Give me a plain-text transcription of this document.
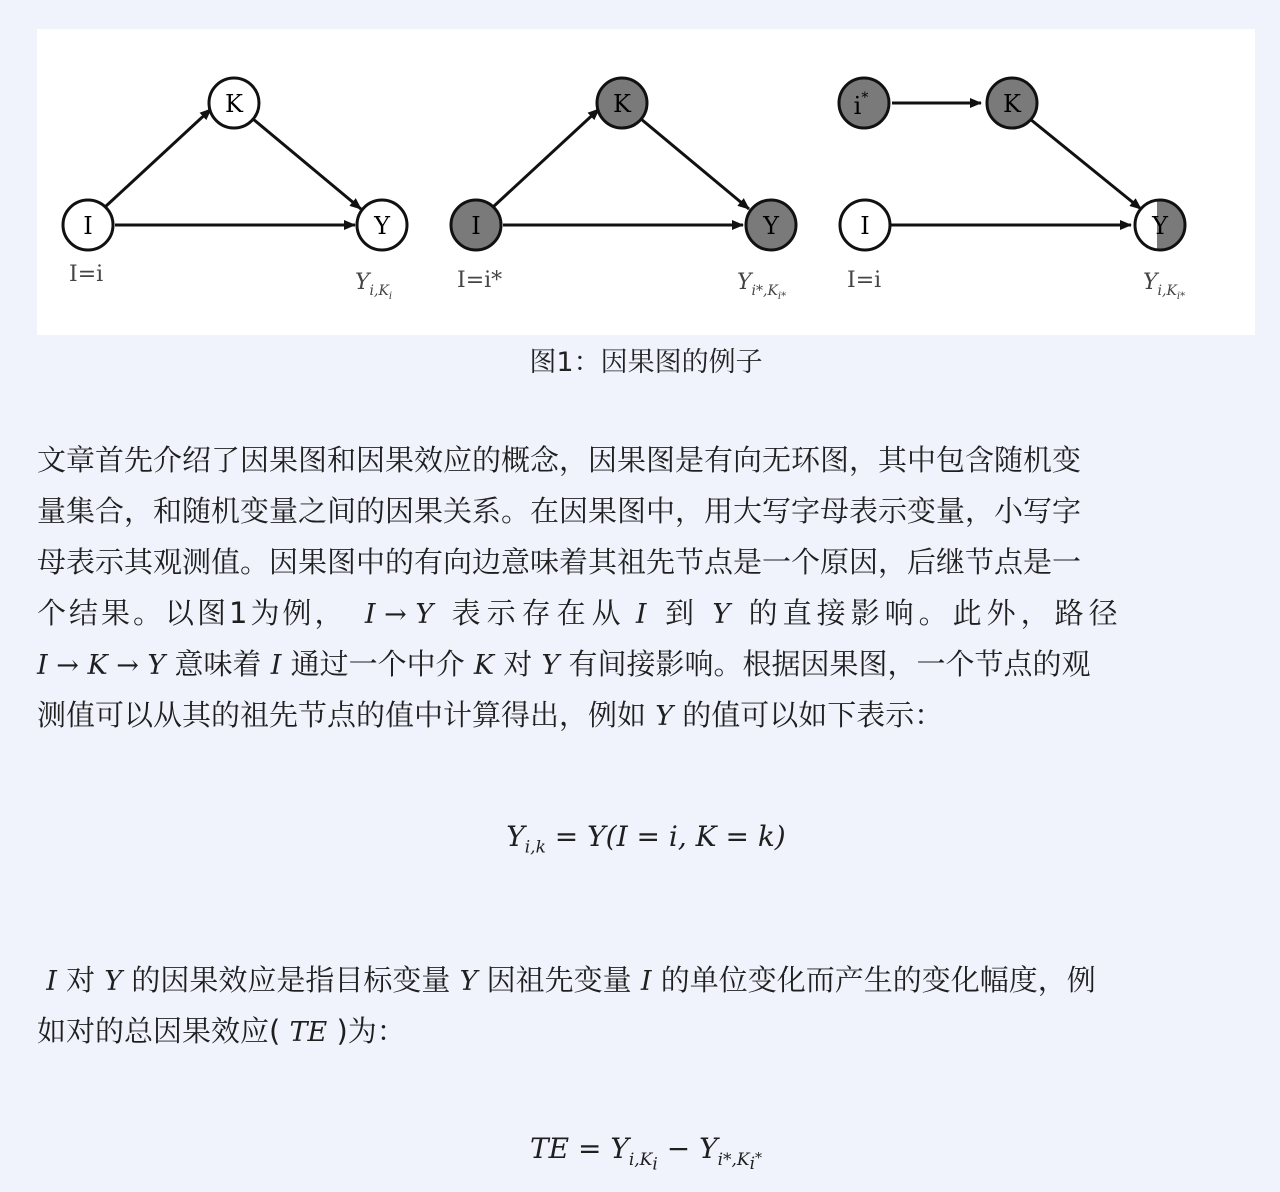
K
I	Y
I=i	$Y_{i,K}i$
K
I	Y
I=i*	$Y_{i*,K}i*$
i*	K
I	Y
I=i	$Y_{i,K}i*$
图1：因果图的例子
文章首先介绍了因果图和因果效应的概念，因果图是有向无环图，其中包含随机变
量集合，和随机变量之间的因果关系。在因果图中，用大写字母表示变量，小写字
母表示其观测值。因果图中的有向边意味着其祖先节点是一个原因，后继节点是一
个结果。以图1为例， I → Y 表示存在从 I 到 Y 的直接影响。此外，路径
I → K → Y 意味着 I 通过一个中介 K 对 Y 有间接影响。根据因果图，一个节点的观
测值可以从其的祖先节点的值中计算得出，例如 Y 的值可以如下表示：
$Y_{i,k} = Y(I = i$, K = k)
I 对 Y 的因果效应是指目标变量 Y 因祖先变量 I 的单位变化而产生的变化幅度，例
如对的总因果效应( TE )为：
TE = $Y_{i,K_i} - Y_{i*,K_{i^*}}$
